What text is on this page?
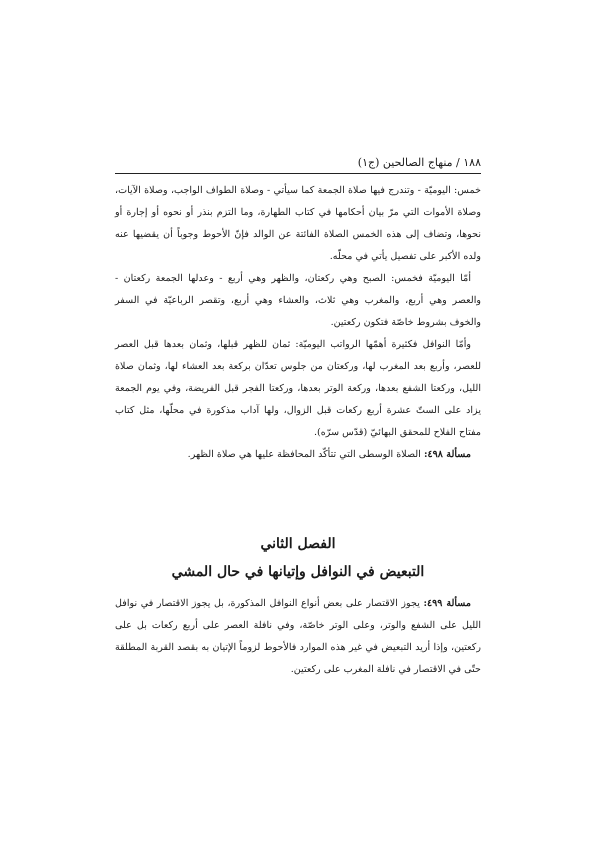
١٨٨ / منهاج الصالحين (ج١)

خمس: اليوميّة - وتندرج فيها صلاة الجمعة كما سيأتي - وصلاة الطواف الواجب، وصلاة الآيات، وصلاة الأموات التي مرّ بيان أحكامها في كتاب الطهارة، وما التزم بنذر أو نحوه أو إجارة أو نحوها، وتضاف إلى هذه الخمس الصلاة الفائتة عن الوالد فإنّ الأحوط وجوباً أن يقضيها عنه ولده الأكبر على تفصيل يأتي في محلّه.

أمّا اليوميّة فخمس: الصبح وهي ركعتان، والظهر وهي أربع - وعدلها الجمعة ركعتان - والعصر وهي أربع، والمغرب وهي ثلاث، والعشاء وهي أربع، وتقصر الرباعيّة في السفر والخوف بشروط خاصّة فتكون ركعتين.

وأمّا النوافل فكثيرة أهمّها الرواتب اليوميّة: ثمان للظهر قبلها، وثمان بعدها قبل العصر للعصر، وأربع بعد المغرب لها، وركعتان من جلوس تعدّان بركعة بعد العشاء لها، وثمان صلاة الليل، وركعتا الشفع بعدها، وركعة الوتر بعدها، وركعتا الفجر قبل الفريضة، وفي يوم الجمعة يزاد على الستّ عشرة أربع ركعات قبل الزوال، ولها آداب مذكورة في محلّها، مثل كتاب مفتاح الفلاح للمحقق البهائيّ (قدّس سرّه).

مسألة ٤٩٨: الصلاة الوسطى التي تتأكّد المحافظة عليها هي صلاة الظهر.

الفصل الثاني
التبعيض في النوافل وإتيانها في حال المشي

مسألة ٤٩٩: يجوز الاقتصار على بعض أنواع النوافل المذكورة، بل يجوز الاقتصار في نوافل الليل على الشفع والوتر، وعلى الوتر خاصّة، وفي نافلة العصر على أربع ركعات بل على ركعتين، وإذا أريد التبعيض في غير هذه الموارد فالأحوط لزوماً الإتيان به بقصد القربة المطلقة حتّى في الاقتصار في نافلة المغرب على ركعتين.
